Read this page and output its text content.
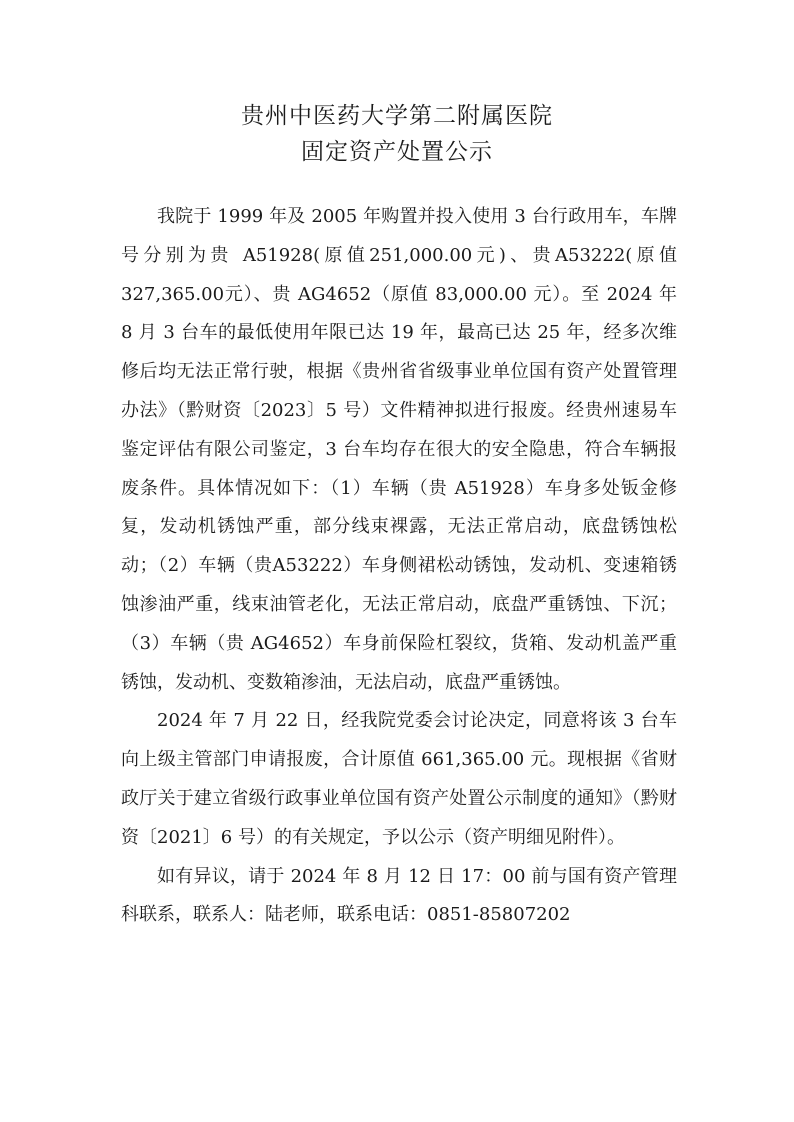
贵州中医药大学第二附属医院
固定资产处置公示

我院于 1999 年及 2005 年购置并投入使用 3 台行政用车，车牌号分别为贵 A51928(原值251,000.00元)、贵A53222(原值327,365.00元）、贵 AG4652（原值 83,000.00 元）。至 2024 年 8 月 3 台车的最低使用年限已达 19 年，最高已达 25 年，经多次维修后均无法正常行驶，根据《贵州省省级事业单位国有资产处置管理办法》（黔财资〔2023〕5 号）文件精神拟进行报废。经贵州速易车鉴定评估有限公司鉴定，3 台车均存在很大的安全隐患，符合车辆报废条件。具体情况如下：（1）车辆（贵 A51928）车身多处钣金修复，发动机锈蚀严重，部分线束裸露，无法正常启动，底盘锈蚀松动；（2）车辆（贵A53222）车身侧裙松动锈蚀，发动机、变速箱锈蚀渗油严重，线束油管老化，无法正常启动，底盘严重锈蚀、下沉；（3）车辆（贵 AG4652）车身前保险杠裂纹，货箱、发动机盖严重锈蚀，发动机、变数箱渗油，无法启动，底盘严重锈蚀。

2024 年 7 月 22 日，经我院党委会讨论决定，同意将该 3 台车向上级主管部门申请报废，合计原值 661,365.00 元。现根据《省财政厅关于建立省级行政事业单位国有资产处置公示制度的通知》（黔财资〔2021〕6 号）的有关规定，予以公示（资产明细见附件）。

如有异议，请于 2024 年 8 月 12 日 17：00 前与国有资产管理科联系，联系人：陆老师，联系电话：0851-85807202
